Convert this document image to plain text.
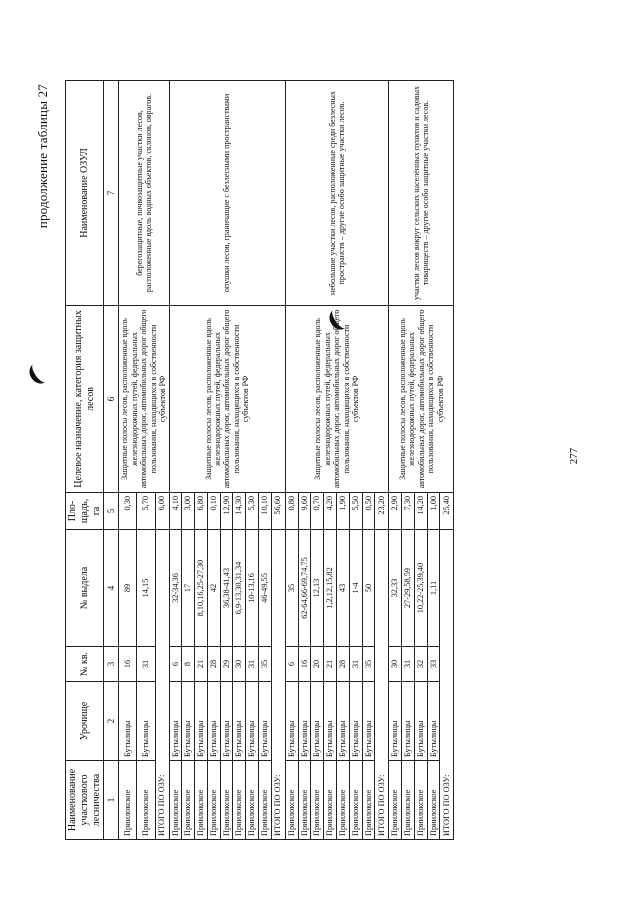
продолжение таблицы 27
Наименование участкового лесничества	Урочище	№ кв.	№ выдела	Пло-щадь, га	Целевое назначение, категория защитных лесов	Наименование ОЗУЛ
1	2	3	4	5	6	7
Приилокское	Бутылицы	16	89	0,30	Защитные полосы лесов, расположенные вдоль железнодорожных путей, федеральных автомобильных дорог, автомобильных дорог общего пользования, находящихся в собственности субъектов РФ	берегозащитные, почвозащитные участки лесов, расположенные вдоль водных объектов, склонов, оврагов.
Приилокское	Бутылицы	31	14,15	5,70		
ИТОГО ПО ОЗУ:				6,00		
Приилокское	Бутылицы	6	32-34,36	4,10	Защитные полосы лесов, расположенные вдоль железнодорожных путей, федеральных автомобильных дорог, автомобильных дорог общего пользования, находящихся в собственности субъектов РФ	опушки лесов, граничащие с безлесными пространствами
Приилокское	Бутылицы	8	17	3,00		
Приилокское	Бутылицы	21	8,10,16,25-27,30	6,80		
Приилокское	Бутылицы	28	42	0,10		
Приилокское	Бутылицы	29	36,38-41,43	12,90		
Приилокское	Бутылицы	30	6,9-13,30,31,34	14,30		
Приилокское	Бутылицы	31	10-13,16	5,30		
Приилокское	Бутылицы	35	46-49,55	10,10		
ИТОГО ПО ОЗУ:				56,60		
Приилокское	Бутылицы	6	35	0,80	Защитные полосы лесов, расположенные вдоль железнодорожных путей, федеральных автомобильных дорог, автомобильных дорог общего пользования, находящихся в собственности субъектов РФ	небольшие участки лесов, расположенные среди безлесных пространств – другие особо защитные участки лесов.
Приилокское	Бутылицы	16	62-64,66-69,74,75	9,60		
Приилокское	Бутылицы	20	12,13	0,70		
Приилокское	Бутылицы	21	1,2,12,15,82	4,20		
Приилокское	Бутылицы	28	43	1,90		
Приилокское	Бутылицы	31	1-4	5,50		
Приилокское	Бутылицы	35	50	0,50		
ИТОГО ПО ОЗУ:				23,20		
Приилокское	Бутылицы	30	32,33	2,90	Защитные полосы лесов, расположенные вдоль железнодорожных путей, федеральных автомобильных дорог, автомобильных дорог общего пользования, находящихся в собственности субъектов РФ	участки лесов вокруг сельских населённых пунктов и садовых товариществ – другие особо защитные участки лесов.
Приилокское	Бутылицы	31	27-29,58,59	7,30		
Приилокское	Бутылицы	32	10,22-25,39,40	14,20		
Приилокское	Бутылицы	33	1,11	1,00		
ИТОГО ПО ОЗУ:				25,40		
277
